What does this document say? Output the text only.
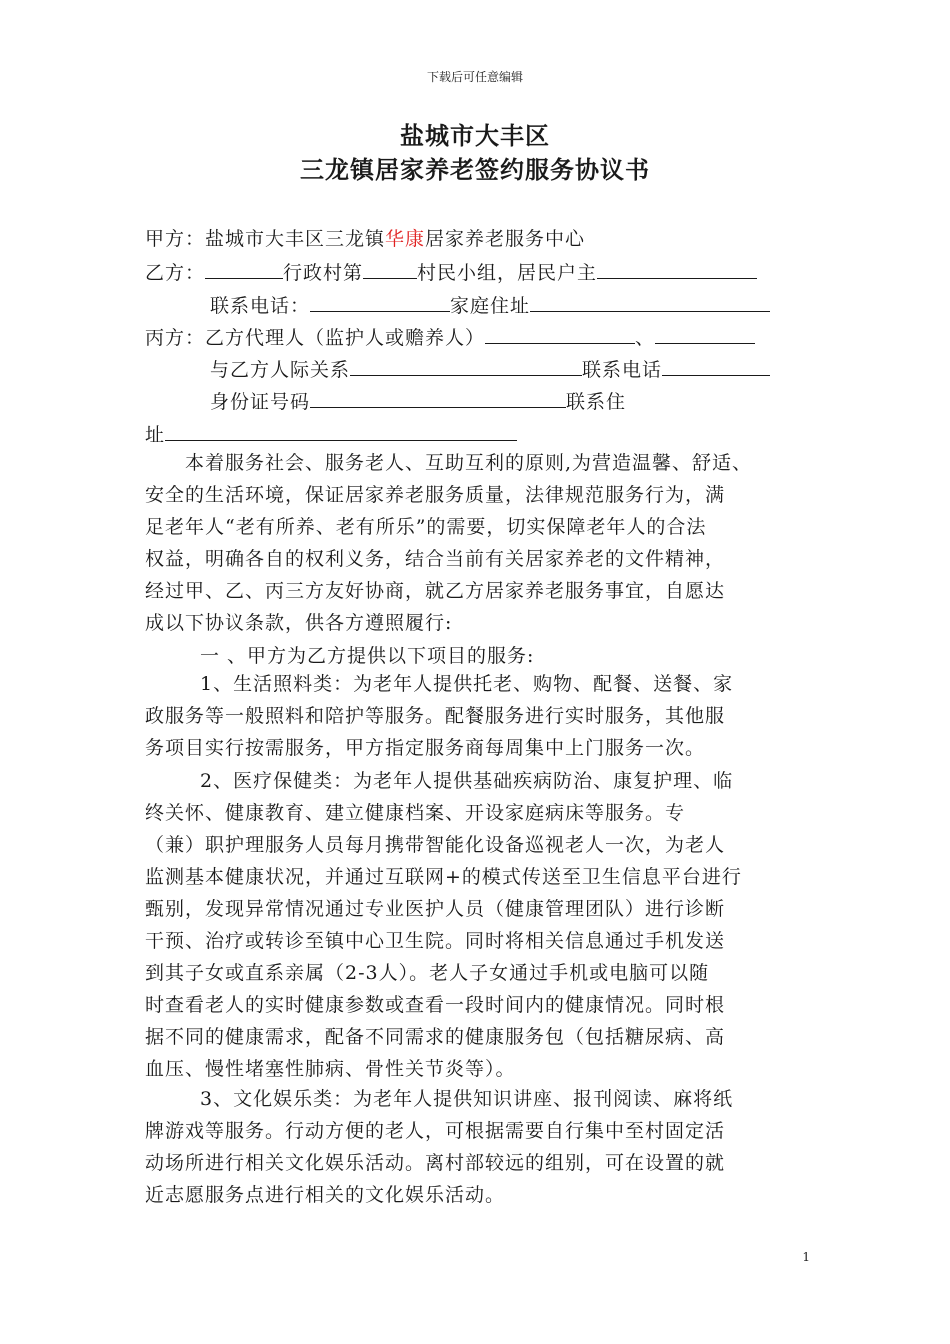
下载后可任意编辑
盐城市大丰区
三龙镇居家养老签约服务协议书
甲方：盐城市大丰区三龙镇华康居家养老服务中心
乙方：	行政村第	村民小组，居民户主
联系电话：	家庭住址
丙方：乙方代理人（监护人或赡养人）	、
与乙方人际关系	联系电话
身份证号码	联系住
址
本着服务社会、服务老人、互助互利的原则,为营造温馨、舒适、
安全的生活环境，保证居家养老服务质量，法律规范服务行为，满
足老年人“老有所养、老有所乐”的需要，切实保障老年人的合法
权益，明确各自的权利义务，结合当前有关居家养老的文件精神，
经过甲、乙、丙三方友好协商，就乙方居家养老服务事宜，自愿达
成以下协议条款，供各方遵照履行:
一 、甲方为乙方提供以下项目的服务:
1、生活照料类：为老年人提供托老、购物、配餐、送餐、家
政服务等一般照料和陪护等服务。配餐服务进行实时服务，其他服
务项目实行按需服务，甲方指定服务商每周集中上门服务一次。
2、医疗保健类：为老年人提供基础疾病防治、康复护理、临
终关怀、健康教育、建立健康档案、开设家庭病床等服务。专
（兼）职护理服务人员每月携带智能化设备巡视老人一次，为老人
监测基本健康状况，并通过互联网+的模式传送至卫生信息平台进行
甄别，发现异常情况通过专业医护人员（健康管理团队）进行诊断
干预、治疗或转诊至镇中心卫生院。同时将相关信息通过手机发送
到其子女或直系亲属（2-3人）。老人子女通过手机或电脑可以随
时查看老人的实时健康参数或查看一段时间内的健康情况。同时根
据不同的健康需求，配备不同需求的健康服务包（包括糖尿病、高
血压、慢性堵塞性肺病、骨性关节炎等）。
3、文化娱乐类：为老年人提供知识讲座、报刊阅读、麻将纸
牌游戏等服务。行动方便的老人，可根据需要自行集中至村固定活
动场所进行相关文化娱乐活动。离村部较远的组别，可在设置的就
近志愿服务点进行相关的文化娱乐活动。
1
